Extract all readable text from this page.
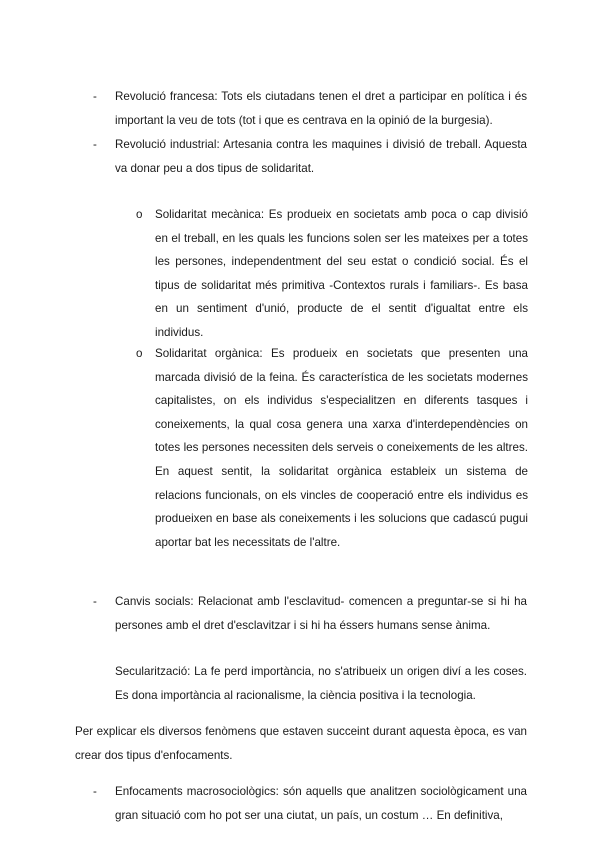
- Revolució francesa: Tots els ciutadans tenen el dret a participar en política i és important la veu de tots (tot i que es centrava en la opinió de la burgesia).

- Revolució industrial: Artesania contra les maquines i divisió de treball. Aquesta va donar peu a dos tipus de solidaritat.

o Solidaritat mecànica: Es produeix en societats amb poca o cap divisió en el treball, en les quals les funcions solen ser les mateixes per a totes les persones, independentment del seu estat o condició social. És el tipus de solidaritat més primitiva -Contextos rurals i familiars-. Es basa en un sentiment d'unió, producte de el sentit d'igualtat entre els individus.

o Solidaritat orgànica: Es produeix en societats que presenten una marcada divisió de la feina. És característica de les societats modernes capitalistes, on els individus s'especialitzen en diferents tasques i coneixements, la qual cosa genera una xarxa d'interdependències on totes les persones necessiten dels serveis o coneixements de les altres. En aquest sentit, la solidaritat orgànica estableix un sistema de relacions funcionals, on els vincles de cooperació entre els individus es produeixen en base als coneixements i les solucions que cadascú pugui aportar bat les necessitats de l'altre.

- Canvis socials: Relacionat amb l'esclavitud- comencen a preguntar-se si hi ha persones amb el dret d'esclavitzar i si hi ha éssers humans sense ànima.

Secularització: La fe perd importància, no s'atribueix un origen diví a les coses. Es dona importància al racionalisme, la ciència positiva i la tecnologia.

Per explicar els diversos fenòmens que estaven succeint durant aquesta època, es van crear dos tipus d'enfocaments.

- Enfocaments macrosociològics: són aquells que analitzen sociològicament una gran situació com ho pot ser una ciutat, un país, un costum … En definitiva,
